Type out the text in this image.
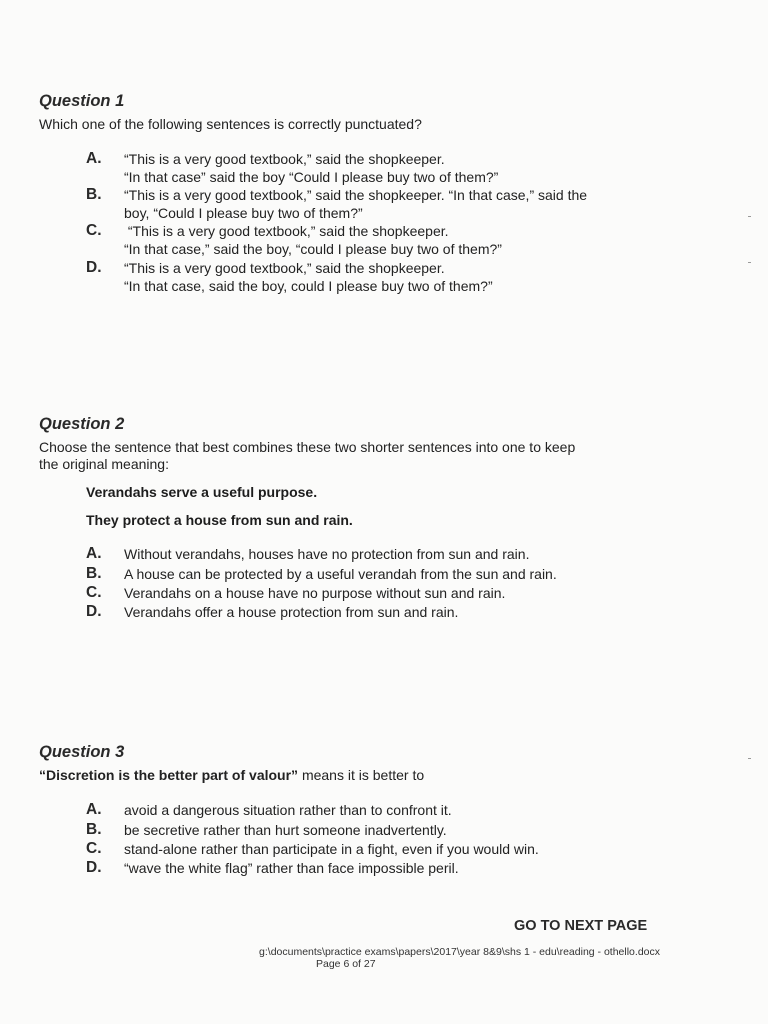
Question 1
Which one of the following sentences is correctly punctuated?
A. “This is a very good textbook,” said the shopkeeper.
“In that case” said the boy “Could I please buy two of them?”
B. “This is a very good textbook,” said the shopkeeper. “In that case,” said the
boy, “Could I please buy two of them?”
C. “This is a very good textbook,” said the shopkeeper.
“In that case,” said the boy, “could I please buy two of them?”
D. “This is a very good textbook,” said the shopkeeper.
“In that case, said the boy, could I please buy two of them?”
Question 2
Choose the sentence that best combines these two shorter sentences into one to keep
the original meaning:
Verandahs serve a useful purpose.
They protect a house from sun and rain.
A. Without verandahs, houses have no protection from sun and rain.
B. A house can be protected by a useful verandah from the sun and rain.
C. Verandahs on a house have no purpose without sun and rain.
D. Verandahs offer a house protection from sun and rain.
Question 3
“Discretion is the better part of valour” means it is better to
A. avoid a dangerous situation rather than to confront it.
B. be secretive rather than hurt someone inadvertently.
C. stand-alone rather than participate in a fight, even if you would win.
D. “wave the white flag” rather than face impossible peril.
GO TO NEXT PAGE
g:\documents\practice exams\papers\2017\year 8&9\shs 1 - edu\reading - othello.docx
Page 6 of 27
